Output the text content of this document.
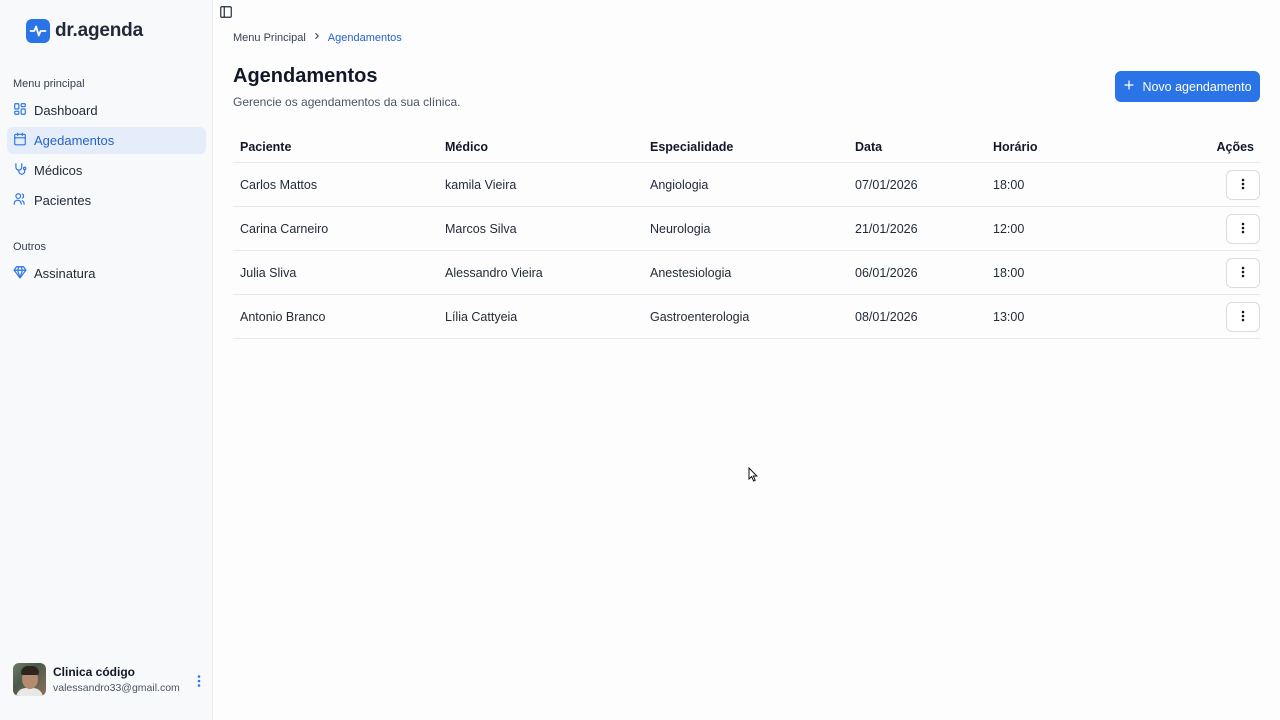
dr.agenda
Menu principal
Dashboard
Agedamentos
Médicos
Pacientes
Outros
Assinatura
Clinica código
valessandro33@gmail.com
Menu Principal Agendamentos
Agendamentos

Gerencie os agendamentos da sua clínica.

Novo agendamento
Paciente	Médico	Especialidade	Data	Horário	Ações
Carlos Mattos	kamila Vieira	Angiologia	07/01/2026	18:00
Carina Carneiro	Marcos Silva	Neurologia	21/01/2026	12:00
Julia Sliva	Alessandro Vieira	Anestesiologia	06/01/2026	18:00
Antonio Branco	Lília Cattyeia	Gastroenterologia	08/01/2026	13:00
